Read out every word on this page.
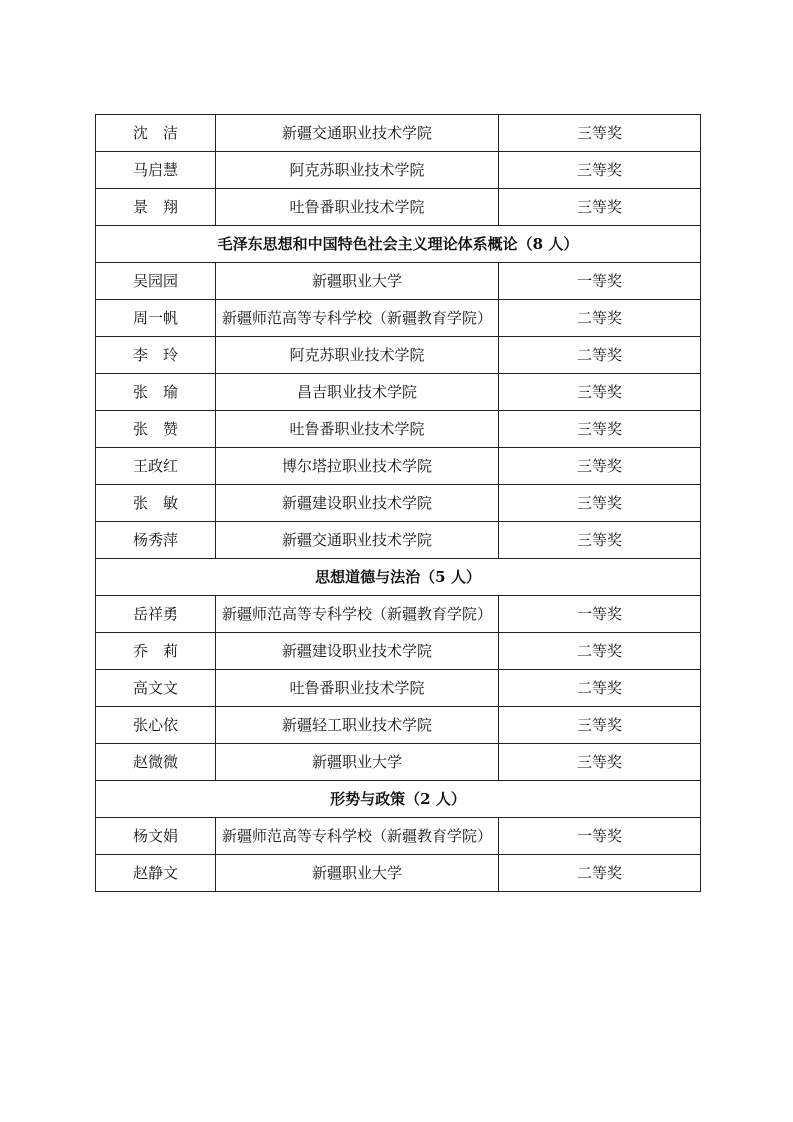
沈　洁	新疆交通职业技术学院	三等奖
马启慧	阿克苏职业技术学院	三等奖
景　翔	吐鲁番职业技术学院	三等奖
毛泽东思想和中国特色社会主义理论体系概论（8 人）		
吴园园	新疆职业大学	一等奖
周一帆	新疆师范高等专科学校（新疆教育学院）	二等奖
李　玲	阿克苏职业技术学院	二等奖
张　瑜	昌吉职业技术学院	三等奖
张　赞	吐鲁番职业技术学院	三等奖
王政红	博尔塔拉职业技术学院	三等奖
张　敏	新疆建设职业技术学院	三等奖
杨秀萍	新疆交通职业技术学院	三等奖
思想道德与法治（5 人）		
岳祥勇	新疆师范高等专科学校（新疆教育学院）	一等奖
乔　莉	新疆建设职业技术学院	二等奖
高文文	吐鲁番职业技术学院	二等奖
张心依	新疆轻工职业技术学院	三等奖
赵微微	新疆职业大学	三等奖
形势与政策（2 人）		
杨文娟	新疆师范高等专科学校（新疆教育学院）	一等奖
赵静文	新疆职业大学	二等奖
